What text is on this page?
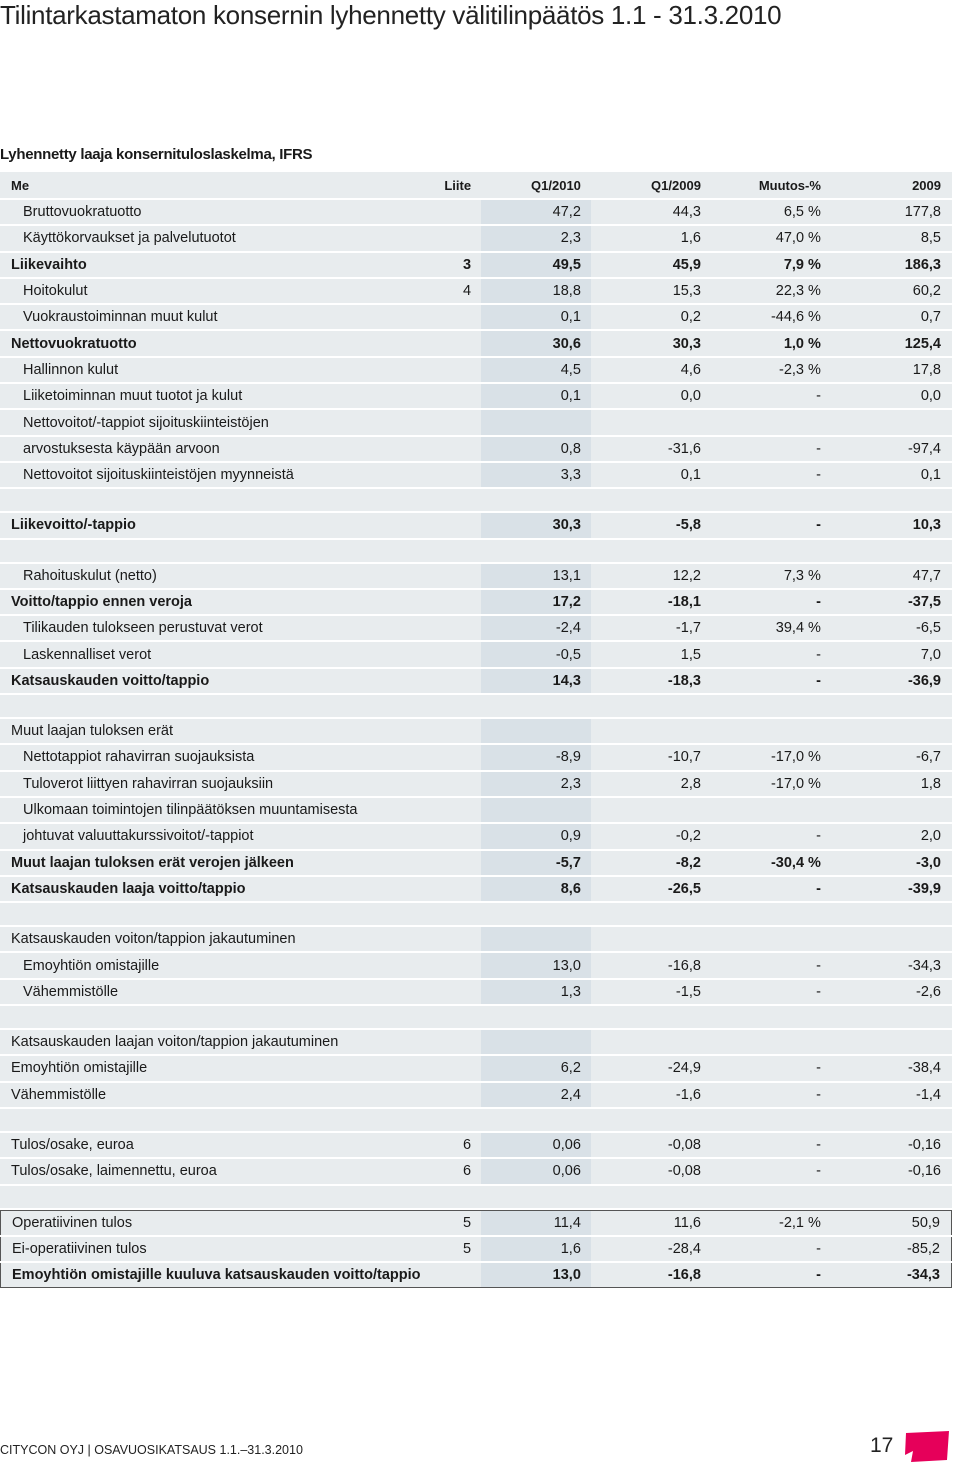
Tilintarkastamaton konsernin lyhennetty välitilinpäätös 1.1 - 31.3.2010
Lyhennetty laaja konsernituloslaskelma, IFRS
Me	Liite	Q1/2010	Q1/2009	Muutos-%	2009
Bruttovuokratuotto		47,2	44,3	6,5 %	177,8
Käyttökorvaukset ja palvelutuotot		2,3	1,6	47,0 %	8,5
Liikevaihto	3	49,5	45,9	7,9 %	186,3
Hoitokulut	4	18,8	15,3	22,3 %	60,2
Vuokraustoiminnan muut kulut		0,1	0,2	-44,6 %	0,7
Nettovuokratuotto		30,6	30,3	1,0 %	125,4
Hallinnon kulut		4,5	4,6	-2,3 %	17,8
Liiketoiminnan muut tuotot ja kulut		0,1	0,0	-	0,0
Nettovoitot/-tappiot sijoituskiinteistöjen					
arvostuksesta käypään arvoon		0,8	-31,6	-	-97,4
Nettovoitot sijoituskiinteistöjen myynneistä		3,3	0,1	-	0,1

Liikevoitto/-tappio		30,3	-5,8	-	10,3

Rahoituskulut (netto)		13,1	12,2	7,3 %	47,7
Voitto/tappio ennen veroja		17,2	-18,1	-	-37,5
Tilikauden tulokseen perustuvat verot		-2,4	-1,7	39,4 %	-6,5
Laskennalliset verot		-0,5	1,5	-	7,0
Katsauskauden voitto/tappio		14,3	-18,3	-	-36,9

Muut laajan tuloksen erät					
Nettotappiot rahavirran suojauksista		-8,9	-10,7	-17,0 %	-6,7
Tuloverot liittyen rahavirran suojauksiin		2,3	2,8	-17,0 %	1,8
Ulkomaan toimintojen tilinpäätöksen muuntamisesta					
johtuvat valuuttakurssivoitot/-tappiot		0,9	-0,2	-	2,0
Muut laajan tuloksen erät verojen jälkeen		-5,7	-8,2	-30,4 %	-3,0
Katsauskauden laaja voitto/tappio		8,6	-26,5	-	-39,9

Katsauskauden voiton/tappion jakautuminen					
Emoyhtiön omistajille		13,0	-16,8	-	-34,3
Vähemmistölle		1,3	-1,5	-	-2,6

Katsauskauden laajan voiton/tappion jakautuminen					
Emoyhtiön omistajille		6,2	-24,9	-	-38,4
Vähemmistölle		2,4	-1,6	-	-1,4

Tulos/osake, euroa	6	0,06	-0,08	-	-0,16
Tulos/osake, laimennettu, euroa	6	0,06	-0,08	-	-0,16

Operatiivinen tulos	5	11,4	11,6	-2,1 %	50,9
Ei-operatiivinen tulos	5	1,6	-28,4	-	-85,2
Emoyhtiön omistajille kuuluva katsauskauden voitto/tappio		13,0	-16,8	-	-34,3
CITYCON OYJ | OSAVUOSIKATSAUS 1.1.–31.3.2010	17
